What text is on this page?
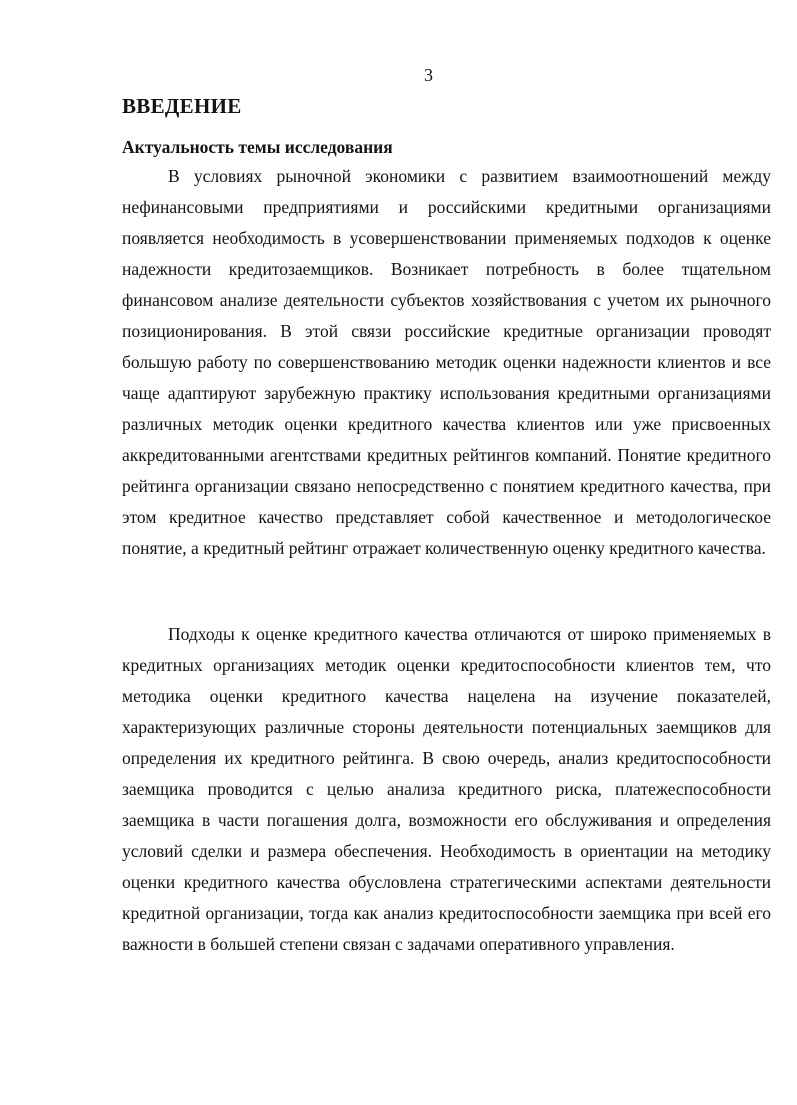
3
ВВЕДЕНИЕ
Актуальность темы исследования

В условиях рыночной экономики с развитием взаимоотношений между нефинансовыми предприятиями и российскими кредитными организациями появляется необходимость в усовершенствовании применяемых подходов к оценке надежности кредитозаемщиков. Возникает потребность в более тщательном финансовом анализе деятельности субъектов хозяйствования с учетом их рыночного позиционирования. В этой связи российские кредитные организации проводят большую работу по совершенствованию методик оценки надежности клиентов и все чаще адаптируют зарубежную практику использования кредитными организациями различных методик оценки кредитного качества клиентов или уже присвоенных аккредитованными агентствами кредитных рейтингов компаний. Понятие кредитного рейтинга организации связано непосредственно с понятием кредитного качества, при этом кредитное качество представляет собой качественное и методологическое понятие, а кредитный рейтинг отражает количественную оценку кредитного качества.

Подходы к оценке кредитного качества отличаются от широко применяемых в кредитных организациях методик оценки кредитоспособности клиентов тем, что методика оценки кредитного качества нацелена на изучение показателей, характеризующих различные стороны деятельности потенциальных заемщиков для определения их кредитного рейтинга. В свою очередь, анализ кредитоспособности заемщика проводится с целью анализа кредитного риска, платежеспособности заемщика в части погашения долга, возможности его обслуживания и определения условий сделки и размера обеспечения. Необходимость в ориентации на методику оценки кредитного качества обусловлена стратегическими аспектами деятельности кредитной организации, тогда как анализ кредитоспособности заемщика при всей его важности в большей степени связан с задачами оперативного управления.
